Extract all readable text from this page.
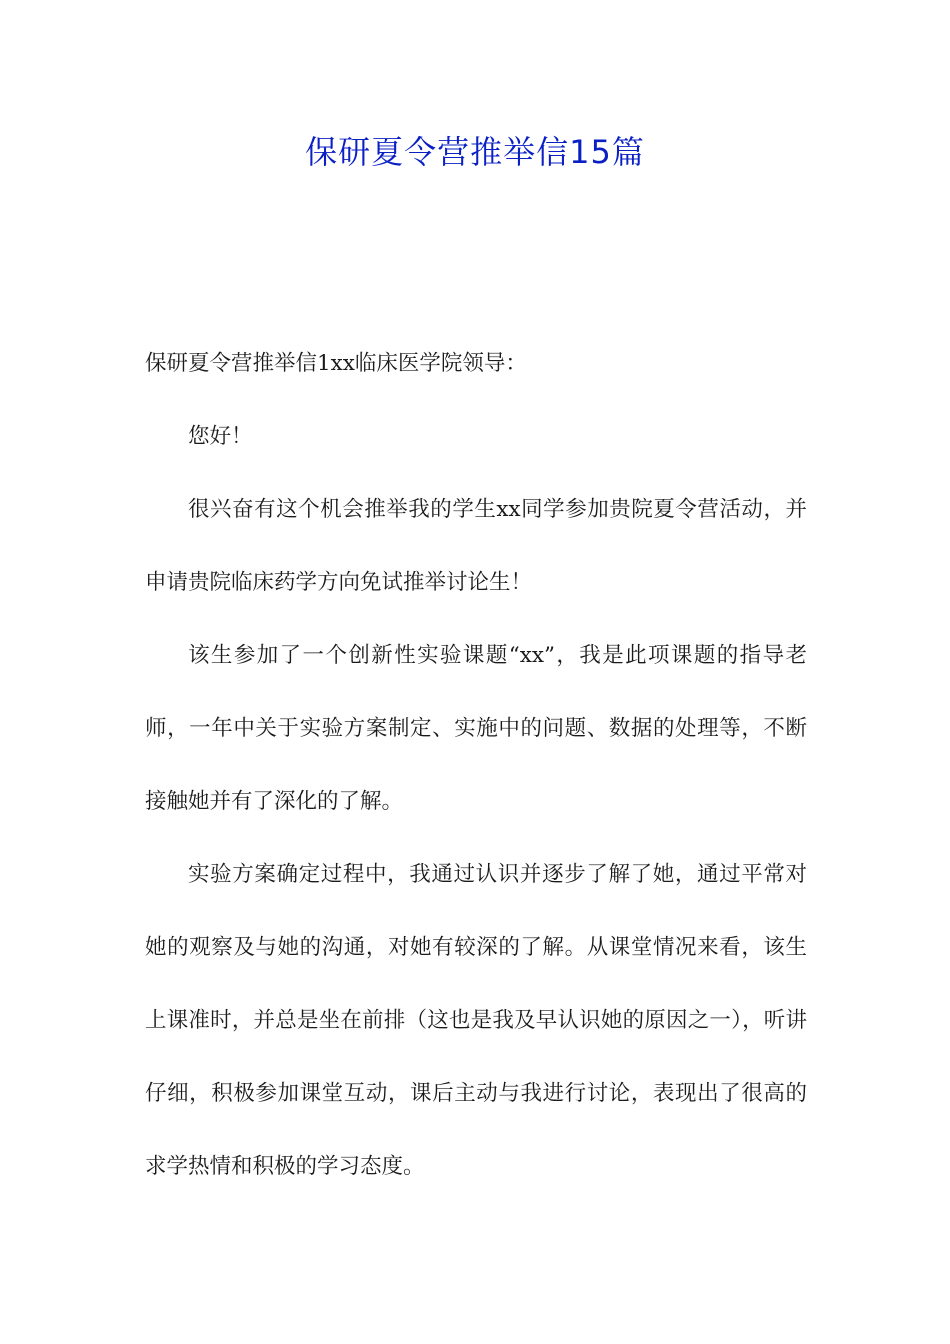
保研夏令营推举信15篇

保研夏令营推举信1xx临床医学院领导：

您好！

很兴奋有这个机会推举我的学生xx同学参加贵院夏令营活动，并申请贵院临床药学方向免试推举讨论生！

该生参加了一个创新性实验课题“xx”，我是此项课题的指导老师，一年中关于实验方案制定、实施中的问题、数据的处理等，不断接触她并有了深化的了解。

实验方案确定过程中，我通过认识并逐步了解了她，通过平常对她的观察及与她的沟通，对她有较深的了解。从课堂情况来看，该生上课准时，并总是坐在前排（这也是我及早认识她的原因之一），听讲仔细，积极参加课堂互动，课后主动与我进行讨论，表现出了很高的求学热情和积极的学习态度。
